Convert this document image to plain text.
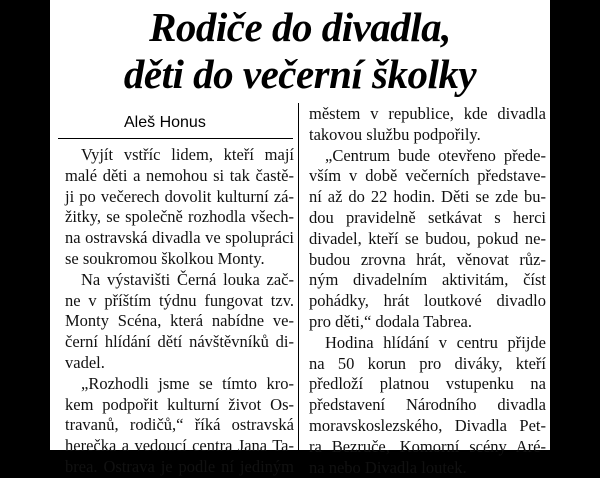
Rodiče do divadla,
děti do večerní školky
Aleš Honus
Vyjít vstříc lidem, kteří mají
malé děti a nemohou si tak častě-
ji po večerech dovolit kulturní zá-
žitky, se společně rozhodla všech-
na ostravská divadla ve spolupráci
se soukromou školkou Monty.
Na výstavišti Černá louka zač-
ne v příštím týdnu fungovat tzv.
Monty Scéna, která nabídne ve-
černí hlídání dětí návštěvníků di-
vadel.
„Rozhodli jsme se tímto kro-
kem podpořit kulturní život Os-
travanů, rodičů,“ říká ostravská
herečka a vedoucí centra Jana Ta-
brea. Ostrava je podle ní jediným
městem v republice, kde divadla
takovou službu podpořily.
„Centrum bude otevřeno přede-
vším v době večerních představe-
ní až do 22 hodin. Děti se zde bu-
dou pravidelně setkávat s herci
divadel, kteří se budou, pokud ne-
budou zrovna hrát, věnovat růz-
ným divadelním aktivitám, číst
pohádky, hrát loutkové divadlo
pro děti,“ dodala Tabrea.
Hodina hlídání v centru přijde
na 50 korun pro diváky, kteří
předloží platnou vstupenku na
představení Národního divadla
moravskoslezského, Divadla Pet-
ra Bezruče, Komorní scény Aré-
na nebo Divadla loutek.
